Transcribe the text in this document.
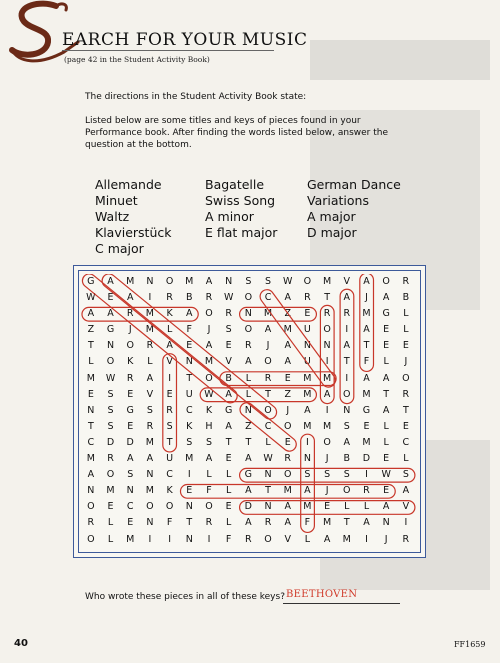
EARCH FOR YOUR MUSIC
(page 42 in the Student Activity Book)
The directions in the Student Activity Book state:
Listed below are some titles and keys of pieces found in your Performance book. After finding the words listed below, answer the question at the bottom.
Allemande	Bagatelle	German Dance
Minuet	Swiss Song	Variations
Waltz	A minor	A major
Klavierstück	E flat major	D major
C major
G	A	M	N	O	M	A	N	S	S	W	O	M	V	A	O	R
W	E	A	I	R	B	R	W	O	C	A	R	T	A	J	A	B
A	A	R	M	K	A	O	R	N	M	Z	E	R	R	M	G	L
Z	G	J	M	L	F	J	S	O	A	M	U	O	I	A	E	L
T	N	O	R	A	E	A	E	R	J	A	N	N	A	T	E	E
L	O	K	L	V	N	M	V	A	O	A	U	I	T	F	L	J
M	W	R	A	I	T	O	B	L	R	E	M	M	I	A	A	O
E	S	E	V	E	U	W	A	L	T	Z	M	A	O	M	T	R
N	S	G	S	R	C	K	G	N	O	J	A	I	N	G	A	T
T	S	E	R	S	K	H	A	Z	C	O	M	M	S	E	L	E
C	D	D	M	T	S	S	T	T	L	E	I	O	A	M	L	C
M	R	A	A	U	M	A	E	A	W	R	N	J	B	D	E	L
A	O	S	N	C	I	L	L	G	N	O	S	S	S	I	W	S
N	M	N	M	K	E	F	L	A	T	M	A	J	O	R	E	A
O	E	C	O	O	N	O	E	D	N	A	M	E	L	L	A	V
R	L	E	N	F	T	R	L	A	R	A	F	M	T	A	N	I
O	L	M	I	I	N	I	F	R	O	V	L	A	M	I	J	R
Who wrote these pieces in all of these keys? BEETHOVEN
40	FF1659
